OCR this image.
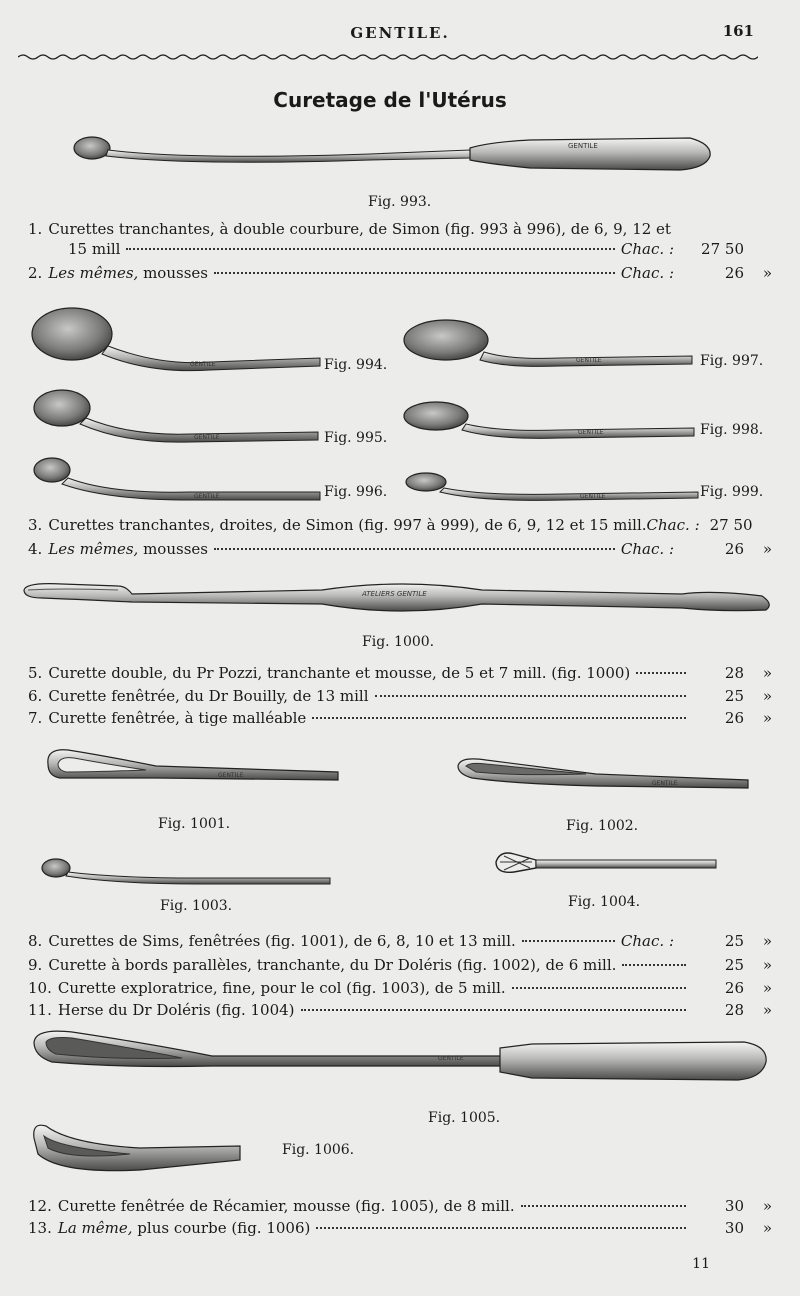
GENTILE.	161
Curetage de l'Utérus
GENTILE
Fig. 993.
1. Curettes tranchantes, à double courbure, de Simon (fig. 993 à 996), de 6, 9, 12 et
15 mill	Chac. :	27 50
2. Les mêmes,
mousses	Chac. :	26	»
GENTILE	Fig. 994.
GENTILE	Fig. 995.
GENTILE	Fig. 996.
GENTILE	Fig. 997.
GENTILE	Fig. 998.
GENTILE	Fig. 999.
3. Curettes tranchantes, droites, de Simon (fig. 997 à 999), de 6, 9, 12 et 15 mill. Chac. : 27 50
4. Les mêmes,
mousses	Chac. :	26	»
ATELIERS GENTILE
Fig. 1000.
5. Curette double, du Pr Pozzi, tranchante et mousse, de 5 et 7 mill. (fig. 1000)	28	»
6. Curette fenêtrée, du Dr Bouilly, de 13 mill	25	»
7. Curette fenêtrée, à tige malléable	26	»
GENTILE
Fig. 1001.
GENTILE
Fig. 1002.
Fig. 1003.	Fig. 1004.
8. Curettes de Sims, fenêtrées (fig. 1001), de 6, 8, 10 et 13 mill.	Chac. :	25	»
9. Curette à bords parallèles, tranchante, du Dr Doléris (fig. 1002), de 6 mill.	25	»
10. Curette exploratrice, fine, pour le col (fig. 1003), de 5 mill.	26	»
11. Herse du Dr Doléris (fig. 1004)	28	»
GENTILE
Fig. 1005.
Fig. 1006.
12. Curette fenêtrée de Récamier, mousse (fig. 1005), de 8 mill.	30	»
13. La même,
plus courbe (fig. 1006)	30	»
11
